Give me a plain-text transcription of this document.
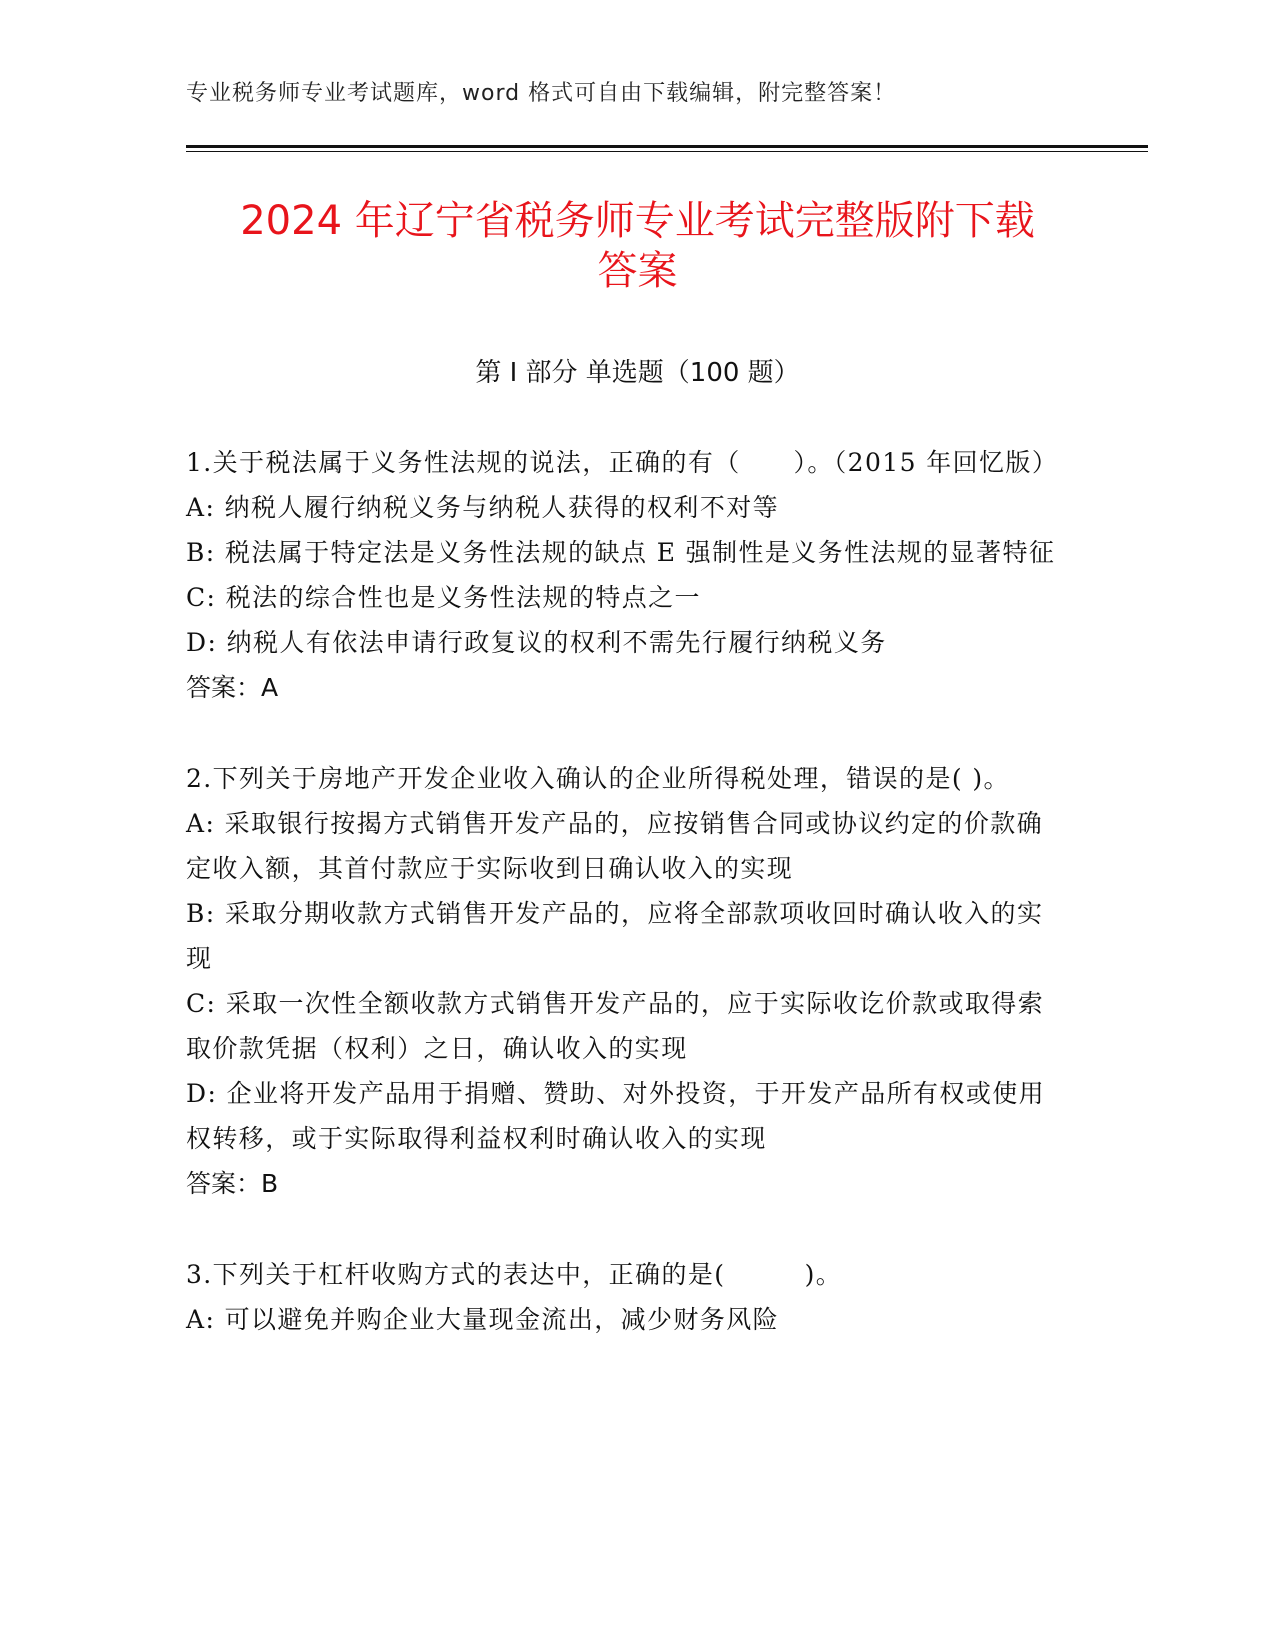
专业税务师专业考试题库，word 格式可自由下载编辑，附完整答案！
2024 年辽宁省税务师专业考试完整版附下载
答案
第 I 部分 单选题（100 题）
1.关于税法属于义务性法规的说法，正确的有（　　）。（2015 年回忆版）
A: 纳税人履行纳税义务与纳税人获得的权利不对等
B: 税法属于特定法是义务性法规的缺点 E 强制性是义务性法规的显著特征
C: 税法的综合性也是义务性法规的特点之一
D: 纳税人有依法申请行政复议的权利不需先行履行纳税义务
答案：A
2.下列关于房地产开发企业收入确认的企业所得税处理，错误的是( )。
A: 采取银行按揭方式销售开发产品的，应按销售合同或协议约定的价款确定收入额，其首付款应于实际收到日确认收入的实现
B: 采取分期收款方式销售开发产品的，应将全部款项收回时确认收入的实现
C: 采取一次性全额收款方式销售开发产品的，应于实际收讫价款或取得索取价款凭据（权利）之日，确认收入的实现
D: 企业将开发产品用于捐赠、赞助、对外投资，于开发产品所有权或使用权转移，或于实际取得利益权利时确认收入的实现
答案：B
3.下列关于杠杆收购方式的表达中，正确的是(　　　)。
A: 可以避免并购企业大量现金流出，减少财务风险
